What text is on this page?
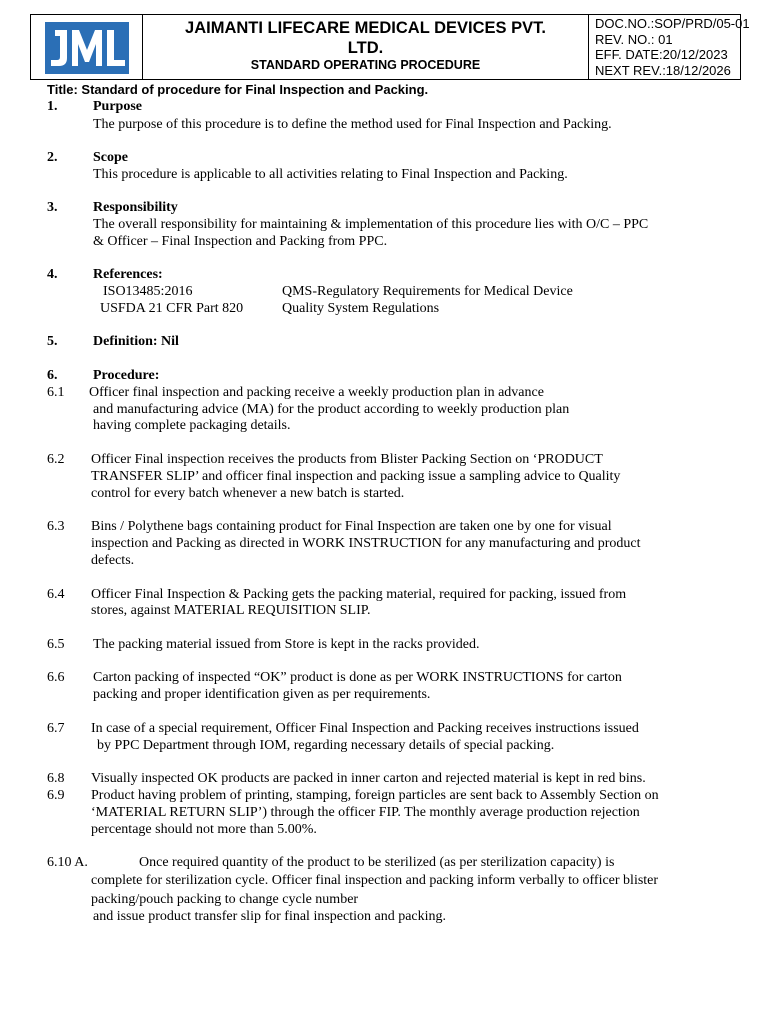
JAIMANTI LIFECARE MEDICAL DEVICES PVT.
LTD.
STANDARD OPERATING PROCEDURE
DOC.NO.:SOP/PRD/05-01
REV. NO.: 01
EFF. DATE:20/12/2023
NEXT REV.:18/12/2026
Title: Standard of procedure for Final Inspection and Packing.
1.	Purpose
The purpose of this procedure is to define the method used for Final Inspection and Packing.
2.	Scope
This procedure is applicable to all activities relating to Final Inspection and Packing.
3.	Responsibility
The overall responsibility for maintaining & implementation of this procedure lies with O/C – PPC
& Officer – Final Inspection and Packing from PPC.
4.	References:
ISO13485:2016	QMS-Regulatory Requirements for Medical Device
USFDA 21 CFR Part 820	Quality System Regulations
5.	Definition: Nil
6.	Procedure:
6.1 Officer final inspection and packing receive a weekly production plan in advance
and manufacturing advice (MA) for the product according to weekly production plan
having complete packaging details.
6.2 Officer Final inspection receives the products from Blister Packing Section on ‘PRODUCT
TRANSFER SLIP’ and officer final inspection and packing issue a sampling advice to Quality
control for every batch whenever a new batch is started.
6.3 Bins / Polythene bags containing product for Final Inspection are taken one by one for visual
inspection and Packing as directed in WORK INSTRUCTION for any manufacturing and product
defects.
6.4 Officer Final Inspection & Packing gets the packing material, required for packing, issued from
stores, against MATERIAL REQUISITION SLIP.
6.5 The packing material issued from Store is kept in the racks provided.
6.6 Carton packing of inspected “OK” product is done as per WORK INSTRUCTIONS for carton
packing and proper identification given as per requirements.
6.7 In case of a special requirement, Officer Final Inspection and Packing receives instructions issued
by PPC Department through IOM, regarding necessary details of special packing.
6.8 Visually inspected OK products are packed in inner carton and rejected material is kept in red bins.
6.9 Product having problem of printing, stamping, foreign particles are sent back to Assembly Section on
‘MATERIAL RETURN SLIP’) through the officer FIP. The monthly average production rejection
percentage should not more than 5.00%.
6.10 A.	Once required quantity of the product to be sterilized (as per sterilization capacity) is
complete for sterilization cycle. Officer final inspection and packing inform verbally to officer blister
packing/pouch packing to change cycle number
and issue product transfer slip for final inspection and packing.
